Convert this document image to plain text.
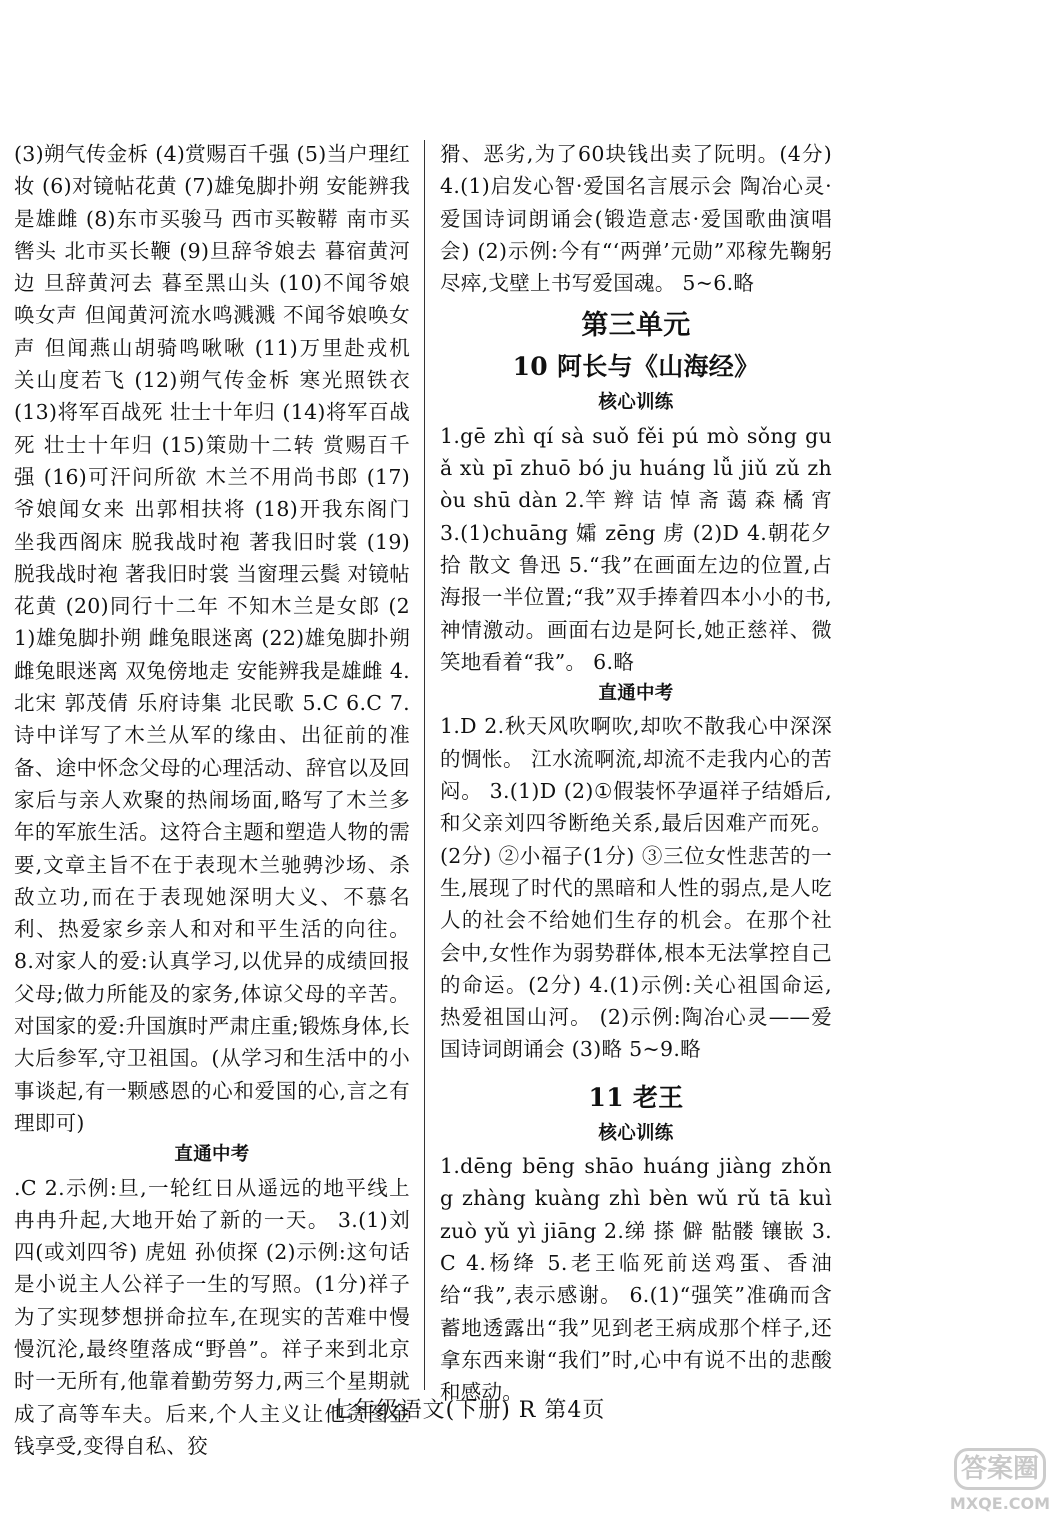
(3)朔气传金柝 (4)赏赐百千强 (5)当户理红妆 (6)对镜帖花黄 (7)雄兔脚扑朔 安能辨我是雄雌 (8)东市买骏马 西市买鞍鞯 南市买辔头 北市买长鞭 (9)旦辞爷娘去 暮宿黄河边 旦辞黄河去 暮至黑山头 (10)不闻爷娘唤女声 但闻黄河流水鸣溅溅 不闻爷娘唤女声 但闻燕山胡骑鸣啾啾 (11)万里赴戎机 关山度若飞 (12)朔气传金柝 寒光照铁衣 (13)将军百战死 壮士十年归 (14)将军百战死 壮士十年归 (15)策勋十二转 赏赐百千强 (16)可汗问所欲 木兰不用尚书郎 (17)爷娘闻女来 出郭相扶将 (18)开我东阁门 坐我西阁床 脱我战时袍 著我旧时裳 (19)脱我战时袍 著我旧时裳 当窗理云鬓 对镜帖花黄 (20)同行十二年 不知木兰是女郎 (21)雄兔脚扑朔 雌兔眼迷离 (22)雄兔脚扑朔 雌兔眼迷离 双兔傍地走 安能辨我是雄雌 4.北宋 郭茂倩 乐府诗集 北民歌 5.C 6.C 7.诗中详写了木兰从军的缘由、出征前的准备、途中怀念父母的心理活动、辞官以及回家后与亲人欢聚的热闹场面,略写了木兰多年的军旅生活。这符合主题和塑造人物的需要,文章主旨不在于表现木兰驰骋沙场、杀敌立功,而在于表现她深明大义、不慕名利、热爱家乡亲人和对和平生活的向往。 8.对家人的爱:认真学习,以优异的成绩回报父母;做力所能及的家务,体谅父母的辛苦。对国家的爱:升国旗时严肃庄重;锻炼身体,长大后参军,守卫祖国。(从学习和生活中的小事谈起,有一颗感恩的心和爱国的心,言之有理即可)

直通中考

.C 2.示例:旦,一轮红日从遥远的地平线上冉冉升起,大地开始了新的一天。 3.(1)刘四(或刘四爷) 虎妞 孙侦探 (2)示例:这句话是小说主人公祥子一生的写照。(1分)祥子为了实现梦想拼命拉车,在现实的苦难中慢慢沉沦,最终堕落成“野兽”。祥子来到北京时一无所有,他靠着勤劳努力,两三个星期就成了高等车夫。后来,个人主义让他贪图金钱享受,变得自私、狡

猾、恶劣,为了60块钱出卖了阮明。(4分) 4.(1)启发心智·爱国名言展示会 陶冶心灵·爱国诗词朗诵会(锻造意志·爱国歌曲演唱会) (2)示例:今有“‘两弹’元勋”邓稼先鞠躬尽瘁,戈壁上书写爱国魂。 5~6.略

第三单元

10 阿长与《山海经》

核心训练

1.gē zhì qí sà suǒ fěi pú mò sǒng guǎ xù pī zhuō bó ju huáng lǚ jiǔ zǔ zhòu shū dàn 2.竿 辫 诘 悼 斋 蔼 森 橘 宵 3.(1)chuāng 孀 zēng 虏 (2)D 4.朝花夕拾 散文 鲁迅 5.“我”在画面左边的位置,占海报一半位置;“我”双手捧着四本小小的书,神情激动。画面右边是阿长,她正慈祥、微笑地看着“我”。 6.略

直通中考

1.D 2.秋天风吹啊吹,却吹不散我心中深深的惆怅。 江水流啊流,却流不走我内心的苦闷。 3.(1)D (2)①假装怀孕逼祥子结婚后,和父亲刘四爷断绝关系,最后因难产而死。(2分) ②小福子(1分) ③三位女性悲苦的一生,展现了时代的黑暗和人性的弱点,是人吃人的社会不给她们生存的机会。在那个社会中,女性作为弱势群体,根本无法掌控自己的命运。(2分) 4.(1)示例:关心祖国命运,热爱祖国山河。 (2)示例:陶冶心灵——爱国诗词朗诵会 (3)略 5~9.略

11 老王

核心训练

1.dēng bēng shāo huáng jiàng zhǒng zhàng kuàng zhì bèn wǔ rǔ tā kuì zuò yǔ yì jiāng 2.绨 搽 僻 骷髅 镶嵌 3.C 4.杨绛 5.老王临死前送鸡蛋、香油给“我”,表示感谢。 6.(1)“强笑”准确而含蓄地透露出“我”见到老王病成那个样子,还拿东西来谢“我们”时,心中有说不出的悲酸和感动。

七年级语文(下册) R 第4页
答案圈
MXQE.COM
